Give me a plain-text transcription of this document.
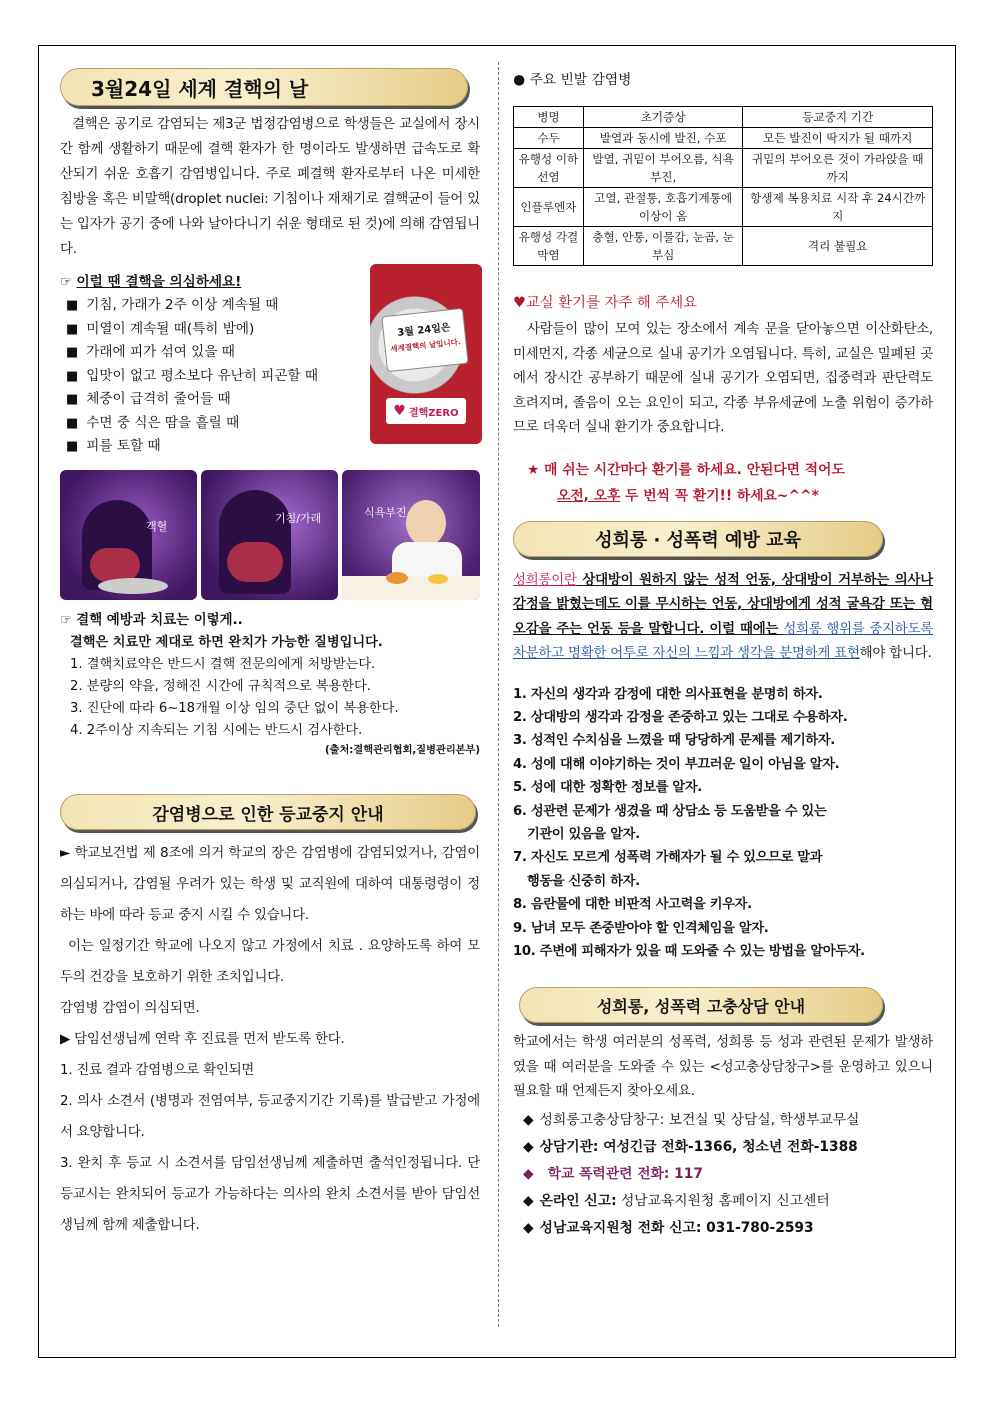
3월24일 세계 결핵의 날

결핵은 공기로 감염되는 제3군 법정감염병으로 학생들은 교실에서 장시간 함께 생활하기 때문에 결핵 환자가 한 명이라도 발생하면 급속도로 확산되기 쉬운 호흡기 감염병입니다. 주로 폐결핵 환자로부터 나온 미세한 침방울 혹은 비말핵(droplet nuclei: 기침이나 재채기로 결핵균이 들어 있는 입자가 공기 중에 나와 날아다니기 쉬운 형태로 된 것)에 의해 감염됩니다.

☞ 이럴 땐 결핵을 의심하세요!
■ 기침, 가래가 2주 이상 계속될 때
■ 미열이 계속될 때(특히 밤에)
■ 가래에 피가 섞여 있을 때
■ 입맛이 없고 평소보다 유난히 피곤할 때
■ 체중이 급격히 줄어들 때
■ 수면 중 식은 땀을 흘릴 때
■ 피를 토할 때
3월 24일은
세계결핵의 날입니다.
♥ 결핵ZERO
객혈
기침/가래	식욕부진
☞ 결핵 예방과 치료는 이렇게..
결핵은 치료만 제대로 하면 완치가 가능한 질병입니다.
1. 결핵치료약은 반드시 결핵 전문의에게 처방받는다.
2. 분량의 약을, 정해진 시간에 규칙적으로 복용한다.
3. 진단에 따라 6~18개월 이상 임의 중단 없이 복용한다.
4. 2주이상 지속되는 기침 시에는 반드시 검사한다.
(출처:결핵관리협회,질병관리본부)
감염병으로 인한 등교중지 안내

► 학교보건법 제 8조에 의거 학교의 장은 감염병에 감염되었거나, 감염이 의심되거나, 감염될 우려가 있는 학생 및 교직원에 대하여 대통령령이 정하는 바에 따라 등교 중지 시킬 수 있습니다.

이는 일정기간 학교에 나오지 않고 가정에서 치료 . 요양하도록 하여 모두의 건강을 보호하기 위한 조치입니다.

감염병 감염이 의심되면.

▶ 담임선생님께 연락 후 진료를 먼저 받도록 한다.

1. 진료 결과 감염병으로 확인되면

2. 의사 소견서 (병명과 전염여부, 등교중지기간 기록)를 발급받고 가정에서 요양합니다.

3. 완치 후 등교 시 소견서를 담임선생님께 제출하면 출석인정됩니다. 단 등교시는 완치되어 등교가 가능하다는 의사의 완치 소견서를 받아 담임선생님께 함께 제출합니다.

● 주요 빈발 감염병
병명	초기증상	등교중지 기간
수두	발열과 동시에 발진, 수포	모든 발진이 딱지가 될 때까지
유행성 이하선염	발열, 귀밑이 부어오름, 식욕부진,	귀밑의 부어오른 것이 가라앉을 때까지
인플루엔자	고열, 관절통, 호흡기계통에 이상이 옴	항생제 복용치료 시작 후 24시간까지
유행성 각결막염	충혈, 안통, 이물감, 눈곱, 눈부심	격리 불필요
♥교실 환기를 자주 해 주세요

사람들이 많이 모여 있는 장소에서 계속 문을 닫아놓으면 이산화탄소, 미세먼지, 각종 세균으로 실내 공기가 오염됩니다. 특히, 교실은 밀폐된 곳에서 장시간 공부하기 때문에 실내 공기가 오염되면, 집중력과 판단력도 흐려지며, 졸음이 오는 요인이 되고, 각종 부유세균에 노출 위험이 증가하므로 더욱더 실내 환기가 중요합니다.

★ 매 쉬는 시간마다 환기를 하세요. 안된다면 적어도
오전, 오후 두 번씩 꼭 환기!! 하세요~^^*
성희롱 · 성폭력 예방 교육

성희롱이란 상대방이 원하지 않는 성적 언동, 상대방이 거부하는 의사나 감정을 밝혔는데도 이를 무시하는 언동, 상대방에게 성적 굴욕감 또는 혐오감을 주는 언동 등을 말합니다. 이럴 때에는 성희롱 행위를 중지하도록 차분하고 명확한 어투로 자신의 느낌과 생각을 분명하게 표현해야 합니다.

1. 자신의 생각과 감정에 대한 의사표현을 분명히 하자.
2. 상대방의 생각과 감정을 존중하고 있는 그대로 수용하자.
3. 성적인 수치심을 느꼈을 때 당당하게 문제를 제기하자.
4. 성에 대해 이야기하는 것이 부끄러운 일이 아님을 알자.
5. 성에 대한 정확한 정보를 알자.
6. 성관련 문제가 생겼을 때 상담소 등 도움받을 수 있는
기관이 있음을 알자.
7. 자신도 모르게 성폭력 가해자가 될 수 있으므로 말과
행동을 신중히 하자.
8. 음란물에 대한 비판적 사고력을 키우자.
9. 남녀 모두 존중받아야 할 인격체임을 알자.
10. 주변에 피해자가 있을 때 도와줄 수 있는 방법을 알아두자.
성희롱, 성폭력 고충상담 안내

학교에서는 학생 여러분의 성폭력, 성희롱 등 성과 관련된 문제가 발생하였을 때 여러분을 도와줄 수 있는 <성고충상담창구>를 운영하고 있으니 필요할 때 언제든지 찾아오세요.

◆ 성희롱고충상담창구: 보건실 및 상담실, 학생부교무실
◆ 상담기관: 여성긴급 전화-1366, 청소년 전화-1388
◆ 학교 폭력관련 전화: 117
◆ 온라인 신고: 성남교육지원청 홈페이지 신고센터
◆ 성남교육지원청 전화 신고: 031-780-2593
